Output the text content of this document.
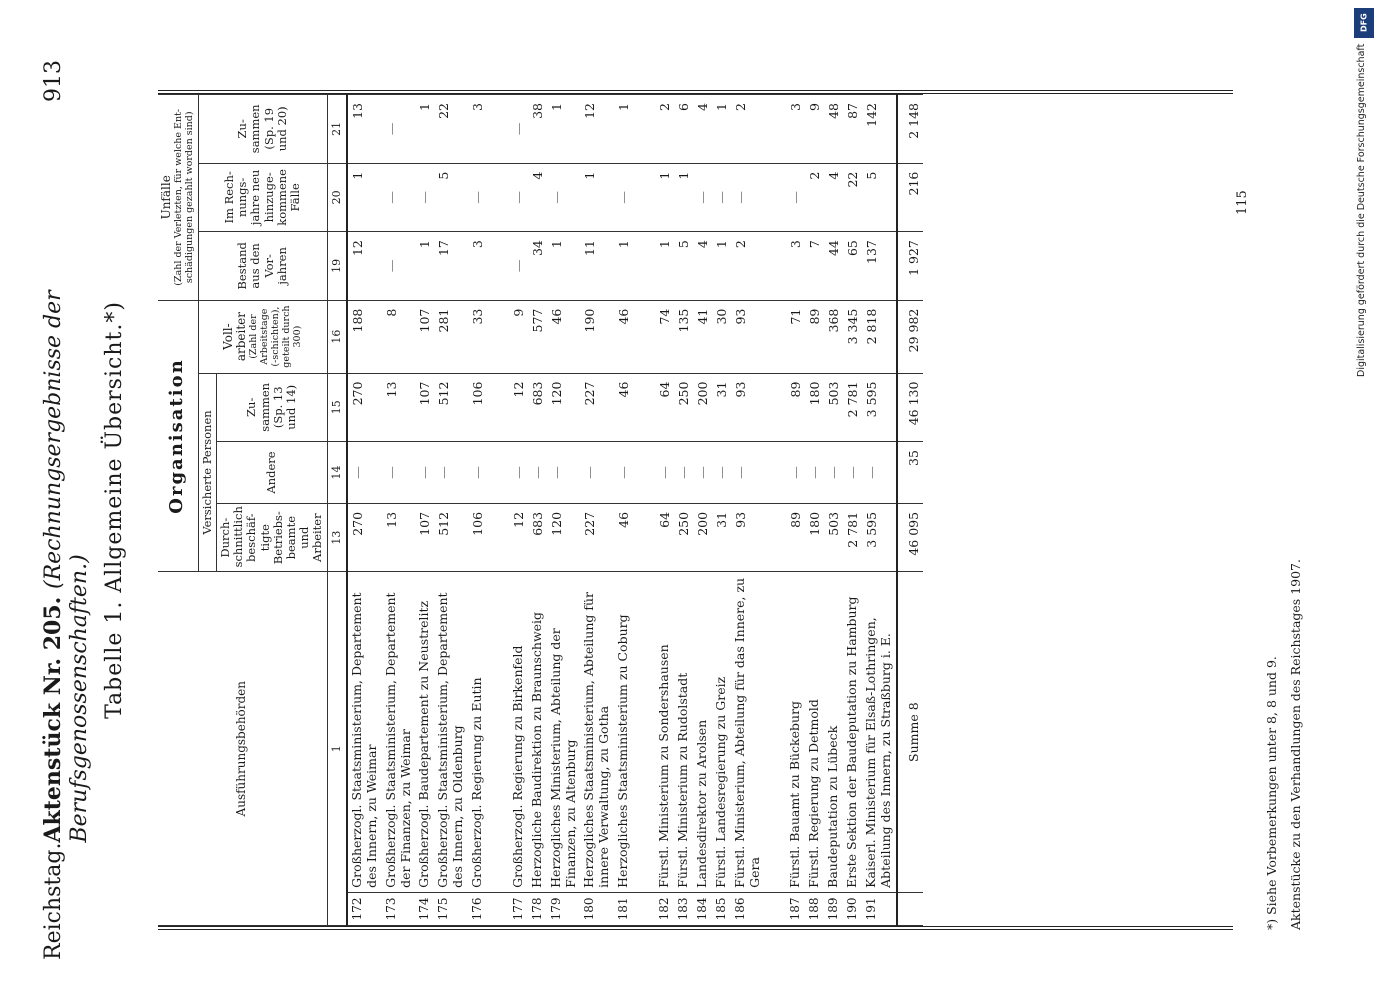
Reichstag.
Aktenstück Nr. 205. (Rechnungsergebnisse der Berufsgenossenschaften.)
913
Tabelle 1. Allgemeine Übersicht.*)
Ausführungsbehörden		Organisation				Unfälle (Zahl der Verletzten, für welche Ent-schädigungen gezahlt worden sind)		

		Versicherte Personen			Voll-arbeiter (Zahl der Arbeitstage (-schichten), geteilt durch 300)	Bestand aus den Vor-jahren	Im Rech-nungs-jahre neu hinzuge-kommene Fälle	Zu-sammen (Sp. 19 und 20)
		Durch-schnittlich beschäf-tigte Betriebs-beamte und Arbeiter	Andere	Zu-sammen (Sp. 13 und 14)				
1		13	14	15	16	19	20	21
172	Großherzogl. Staatsministerium, Departement des Innern, zu Weimar	270	—	270	188	12	1	13
173	Großherzogl. Staatsministerium, Departement der Finanzen, zu Weimar	13	—	13	8	—	—	—
174	Großherzogl. Baudepartement zu Neustrelitz	107	—	107	107	1	—	1
175	Großherzogl. Staatsministerium, Departement des Innern, zu Oldenburg	512	—	512	281	17	5	22
176	Großherzogl. Regierung zu Eutin	106	—	106	33	3	—	3

177	Großherzogl. Regierung zu Birkenfeld	12	—	12	9	—	—	—
178	Herzogliche Baudirektion zu Braunschweig	683	—	683	577	34	4	38
179	Herzogliches Ministerium, Abteilung der Finanzen, zu Altenburg	120	—	120	46	1	—	1
180	Herzogliches Staatsministerium, Abteilung für innere Verwaltung, zu Gotha	227	—	227	190	11	1	12
181	Herzogliches Staatsministerium zu Coburg	46	—	46	46	1	—	1

182	Fürstl. Ministerium zu Sondershausen	64	—	64	74	1	1	2
183	Fürstl. Ministerium zu Rudolstadt	250	—	250	135	5	1	6
184	Landesdirektor zu Arolsen	200	—	200	41	4	—	4
185	Fürstl. Landesregierung zu Greiz	31	—	31	30	1	—	1
186	Fürstl. Ministerium, Abteilung für das Innere, zu Gera	93	—	93	93	2	—	2

187	Fürstl. Bauamt zu Bückeburg	89	—	89	71	3	—	3
188	Fürstl. Regierung zu Detmold	180	—	180	89	7	2	9
189	Baudeputation zu Lübeck	503	—	503	368	44	4	48
190	Erste Sektion der Baudeputation zu Hamburg	2 781	—	2 781	3 345	65	22	87
191	Kaiserl. Ministerium für Elsaß-Lothringen, Abteilung des Innern, zu Straßburg i. E.	3 595	—	3 595	2 818	137	5	142
	Summe 8	46 095	35	46 130	29 982	1 927	216	2 148
115
*) Siehe Vorbemerkungen unter 8, 8 und 9. Aktenstücke zu den Verhandlungen des Reichstages 1907.
DFG
Digitalisierung gefördert durch die Deutsche Forschungsgemeinschaft
